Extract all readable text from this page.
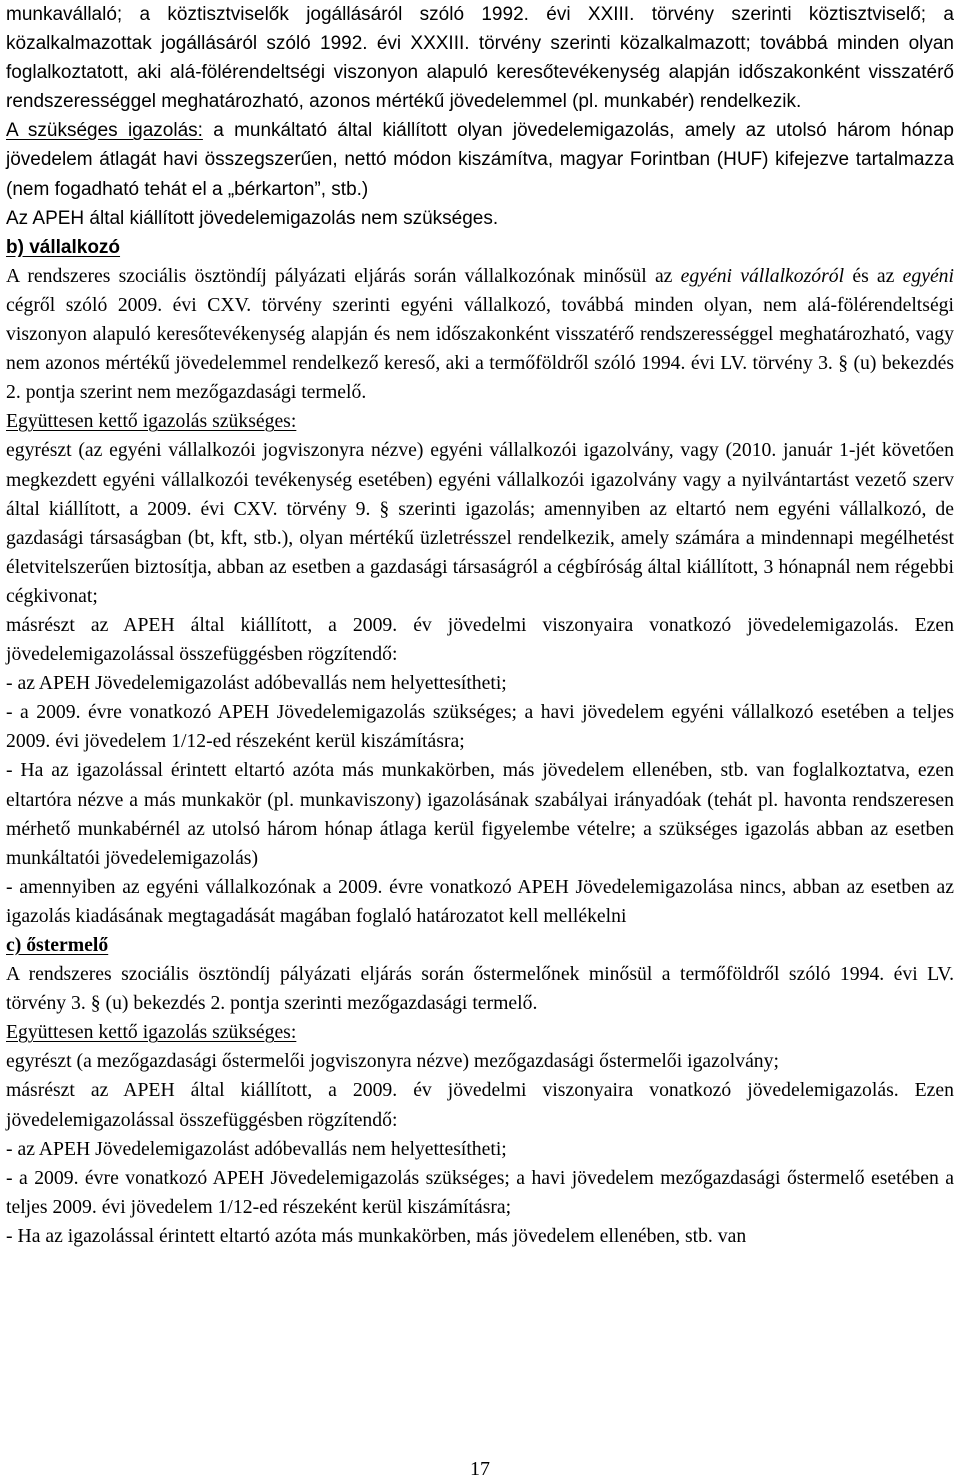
munkavállaló; a köztisztviselők jogállásáról szóló 1992. évi XXIII. törvény szerinti köztisztviselő; a közalkalmazottak jogállásáról szóló 1992. évi XXXIII. törvény szerinti közalkalmazott; továbbá minden olyan foglalkoztatott, aki alá-fölérendeltségi viszonyon alapuló keresőtevékenység alapján időszakonként visszatérő rendszerességgel meghatározható, azonos mértékű jövedelemmel (pl. munkabér) rendelkezik.

A szükséges igazolás: a munkáltató által kiállított olyan jövedelemigazolás, amely az utolsó három hónap jövedelem átlagát havi összegszerűen, nettó módon kiszámítva, magyar Forintban (HUF) kifejezve tartalmazza (nem fogadható tehát el a „bérkarton”, stb.)

Az APEH által kiállított jövedelemigazolás nem szükséges.

b) vállalkozó

A rendszeres szociális ösztöndíj pályázati eljárás során vállalkozónak minősül az egyéni vállalkozóról és az egyéni cégről szóló 2009. évi CXV. törvény szerinti egyéni vállalkozó, továbbá minden olyan, nem alá-fölérendeltségi viszonyon alapuló keresőtevékenység alapján és nem időszakonként visszatérő rendszerességgel meghatározható, vagy nem azonos mértékű jövedelemmel rendelkező kereső, aki a termőföldről szóló 1994. évi LV. törvény 3. § (u) bekezdés 2. pontja szerint nem mezőgazdasági termelő.

Együttesen kettő igazolás szükséges:

egyrészt (az egyéni vállalkozói jogviszonyra nézve) egyéni vállalkozói igazolvány, vagy (2010. január 1-jét követően megkezdett egyéni vállalkozói tevékenység esetében) egyéni vállalkozói igazolvány vagy a nyilvántartást vezető szerv által kiállított, a 2009. évi CXV. törvény 9. § szerinti igazolás; amennyiben az eltartó nem egyéni vállalkozó, de gazdasági társaságban (bt, kft, stb.), olyan mértékű üzletrésszel rendelkezik, amely számára a mindennapi megélhetést életvitelszerűen biztosítja, abban az esetben a gazdasági társaságról a cégbíróság által kiállított, 3 hónapnál nem régebbi cégkivonat;

másrészt az APEH által kiállított, a 2009. év jövedelmi viszonyaira vonatkozó jövedelemigazolás. Ezen jövedelemigazolással összefüggésben rögzítendő:

- az APEH Jövedelemigazolást adóbevallás nem helyettesítheti;

- a 2009. évre vonatkozó APEH Jövedelemigazolás szükséges; a havi jövedelem egyéni vállalkozó esetében a teljes 2009. évi jövedelem 1/12-ed részeként kerül kiszámításra;

- Ha az igazolással érintett eltartó azóta más munkakörben, más jövedelem ellenében, stb. van foglalkoztatva, ezen eltartóra nézve a más munkakör (pl. munkaviszony) igazolásának szabályai irányadóak (tehát pl. havonta rendszeresen mérhető munkabérnél az utolsó három hónap átlaga kerül figyelembe vételre; a szükséges igazolás abban az esetben munkáltatói jövedelemigazolás)

- amennyiben az egyéni vállalkozónak a 2009. évre vonatkozó APEH Jövedelemigazolása nincs, abban az esetben az igazolás kiadásának megtagadását magában foglaló határozatot kell mellékelni

c) őstermelő

A rendszeres szociális ösztöndíj pályázati eljárás során őstermelőnek minősül a termőföldről szóló 1994. évi LV. törvény 3. § (u) bekezdés 2. pontja szerinti mezőgazdasági termelő.

Együttesen kettő igazolás szükséges:

egyrészt (a mezőgazdasági őstermelői jogviszonyra nézve) mezőgazdasági őstermelői igazolvány;

másrészt az APEH által kiállított, a 2009. év jövedelmi viszonyaira vonatkozó jövedelemigazolás. Ezen jövedelemigazolással összefüggésben rögzítendő:

- az APEH Jövedelemigazolást adóbevallás nem helyettesítheti;

- a 2009. évre vonatkozó APEH Jövedelemigazolás szükséges; a havi jövedelem mezőgazdasági őstermelő esetében a teljes 2009. évi jövedelem 1/12-ed részeként kerül kiszámításra;

- Ha az igazolással érintett eltartó azóta más munkakörben, más jövedelem ellenében, stb. van

17
